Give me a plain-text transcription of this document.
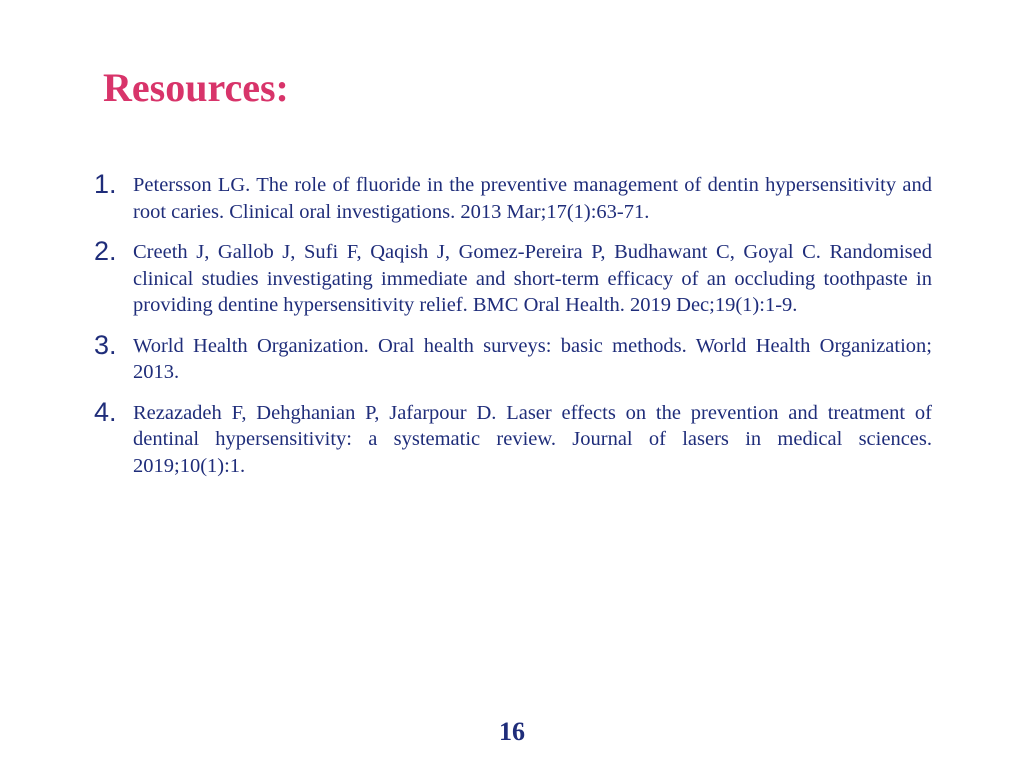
Resources:
1. Petersson LG. The role of fluoride in the preventive management of dentin hypersensitivity and root caries. Clinical oral investigations. 2013 Mar;17(1):63-71.
2. Creeth J, Gallob J, Sufi F, Qaqish J, Gomez-Pereira P, Budhawant C, Goyal C. Randomised clinical studies investigating immediate and short-term efficacy of an occluding toothpaste in providing dentine hypersensitivity relief. BMC Oral Health. 2019 Dec;19(1):1-9.
3. World Health Organization. Oral health surveys: basic methods. World Health Organization; 2013.
4. Rezazadeh F, Dehghanian P, Jafarpour D. Laser effects on the prevention and treatment of dentinal hypersensitivity: a systematic review. Journal of lasers in medical sciences. 2019;10(1):1.
16
